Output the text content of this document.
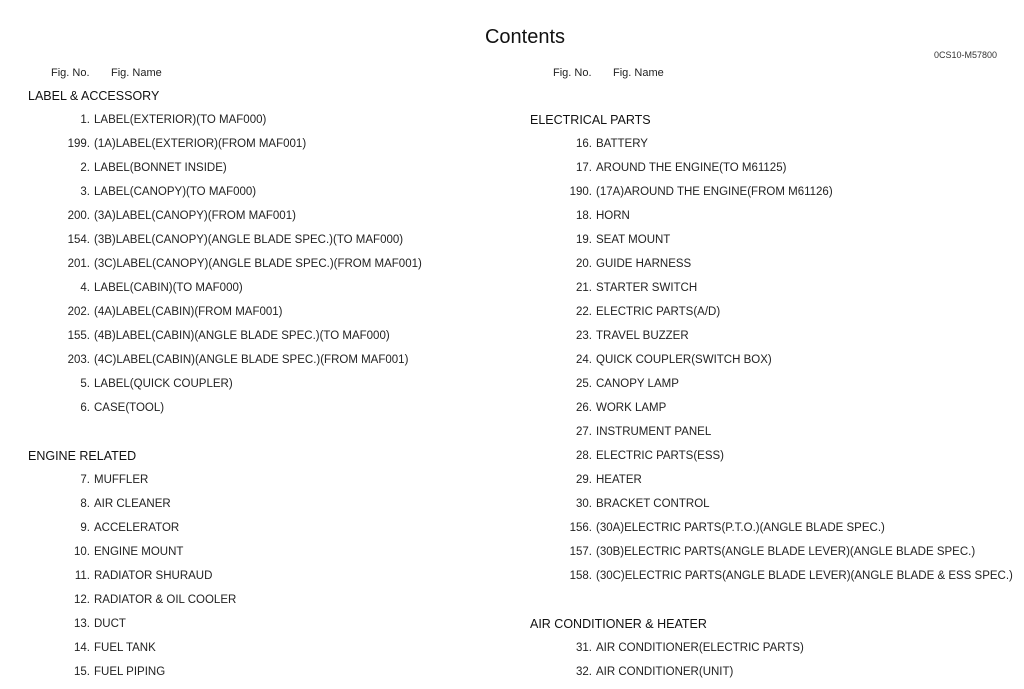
Contents
0CS10-M57800
Fig. No. Fig. Name	Fig. No. Fig. Name
LABEL & ACCESSORY
1. LABEL(EXTERIOR)(TO MAF000)
199. (1A)LABEL(EXTERIOR)(FROM MAF001)
2. LABEL(BONNET INSIDE)
3. LABEL(CANOPY)(TO MAF000)
200. (3A)LABEL(CANOPY)(FROM MAF001)
154. (3B)LABEL(CANOPY)(ANGLE BLADE SPEC.)(TO MAF000)
201. (3C)LABEL(CANOPY)(ANGLE BLADE SPEC.)(FROM MAF001)
4. LABEL(CABIN)(TO MAF000)
202. (4A)LABEL(CABIN)(FROM MAF001)
155. (4B)LABEL(CABIN)(ANGLE BLADE SPEC.)(TO MAF000)
203. (4C)LABEL(CABIN)(ANGLE BLADE SPEC.)(FROM MAF001)
5. LABEL(QUICK COUPLER)
6. CASE(TOOL)
ENGINE RELATED
7. MUFFLER
8. AIR CLEANER
9. ACCELERATOR
10. ENGINE MOUNT
11. RADIATOR SHURAUD
12. RADIATOR & OIL COOLER
13. DUCT
14. FUEL TANK
15. FUEL PIPING
ELECTRICAL PARTS
16. BATTERY
17. AROUND THE ENGINE(TO M61125)
190. (17A)AROUND THE ENGINE(FROM M61126)
18. HORN
19. SEAT MOUNT
20. GUIDE HARNESS
21. STARTER SWITCH
22. ELECTRIC PARTS(A/D)
23. TRAVEL BUZZER
24. QUICK COUPLER(SWITCH BOX)
25. CANOPY LAMP
26. WORK LAMP
27. INSTRUMENT PANEL
28. ELECTRIC PARTS(ESS)
29. HEATER
30. BRACKET CONTROL
156. (30A)ELECTRIC PARTS(P.T.O.)(ANGLE BLADE SPEC.)
157. (30B)ELECTRIC PARTS(ANGLE BLADE LEVER)(ANGLE BLADE SPEC.)
158. (30C)ELECTRIC PARTS(ANGLE BLADE LEVER)(ANGLE BLADE & ESS SPEC.)
AIR CONDITIONER & HEATER
31. AIR CONDITIONER(ELECTRIC PARTS)
32. AIR CONDITIONER(UNIT)
